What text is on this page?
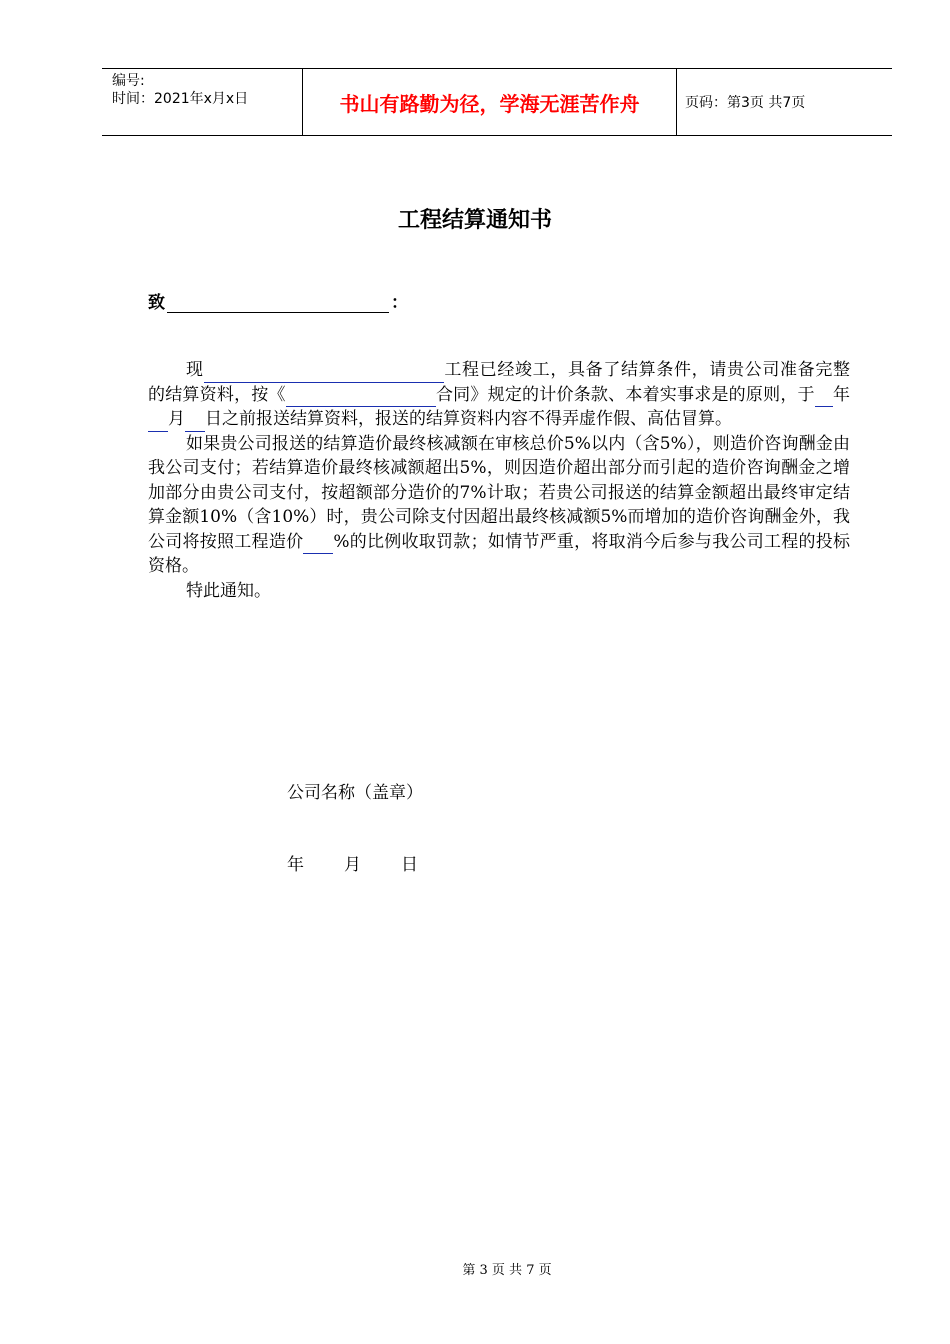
编号:
时间：2021年x月x日	书山有路勤为径，学海无涯苦作舟	页码：第3页 共7页
工程结算通知书
致	：

现	工程已经竣工，具备了结算条件，请贵公司准备完整的结算资料，按《	合同》规定的计价条款、本着实事求是的原则，于 年月 日之前报送结算资料，报送的结算资料内容不得弄虚作假、高估冒算。

如果贵公司报送的结算造价最终核减额在审核总价5%以内（含5%），则造价咨询酬金由我公司支付；若结算造价最终核减额超出5%，则因造价超出部分而引起的造价咨询酬金之增加部分由贵公司支付，按超额部分造价的7%计取；若贵公司报送的结算金额超出最终审定结算金额10%（含10%）时，贵公司除支付因超出最终核减额5%而增加的造价咨询酬金外，我公司将按照工程造价 %的比例收取罚款；如情节严重，将取消今后参与我公司工程的投标资格。

特此通知。

公司名称（盖章）
年 月 日
第 3 页 共 7 页
